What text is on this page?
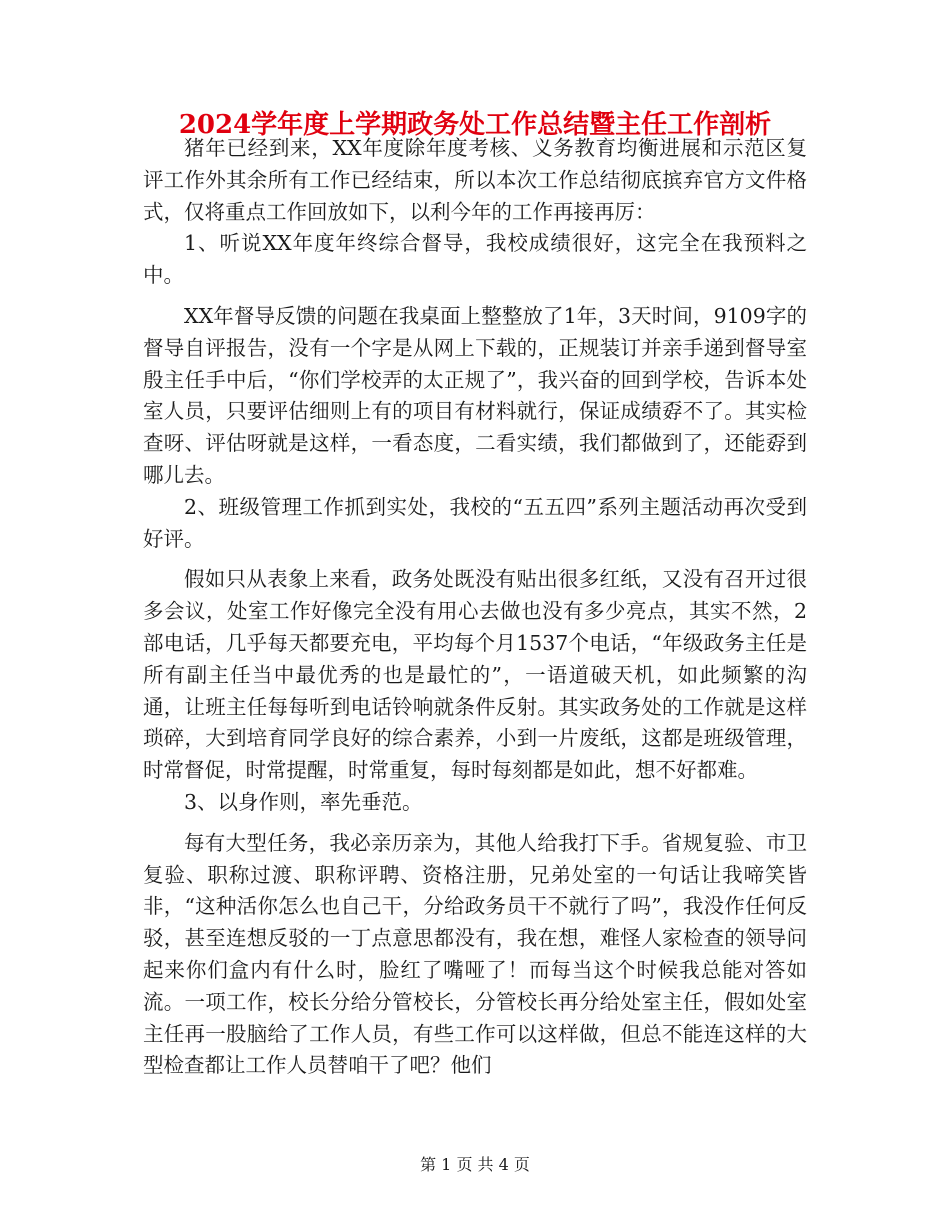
2024学年度上学期政务处工作总结暨主任工作剖析

猪年已经到来，XX年度除年度考核、义务教育均衡进展和示范区复评工作外其余所有工作已经结束，所以本次工作总结彻底摈弃官方文件格式，仅将重点工作回放如下，以利今年的工作再接再厉：

1、听说XX年度年终综合督导，我校成绩很好，这完全在我预料之中。

XX年督导反馈的问题在我桌面上整整放了1年，3天时间，9109字的督导自评报告，没有一个字是从网上下载的，正规装订并亲手递到督导室殷主任手中后，“你们学校弄的太正规了”，我兴奋的回到学校，告诉本处室人员，只要评估细则上有的项目有材料就行，保证成绩孬不了。其实检查呀、评估呀就是这样，一看态度，二看实绩，我们都做到了，还能孬到哪儿去。

2、班级管理工作抓到实处，我校的“五五四”系列主题活动再次受到好评。

假如只从表象上来看，政务处既没有贴出很多红纸，又没有召开过很多会议，处室工作好像完全没有用心去做也没有多少亮点，其实不然，2部电话，几乎每天都要充电，平均每个月1537个电话，“年级政务主任是所有副主任当中最优秀的也是最忙的”，一语道破天机，如此频繁的沟通，让班主任每每听到电话铃响就条件反射。其实政务处的工作就是这样琐碎，大到培育同学良好的综合素养，小到一片废纸，这都是班级管理，时常督促，时常提醒，时常重复，每时每刻都是如此，想不好都难。

3、以身作则，率先垂范。

每有大型任务，我必亲历亲为，其他人给我打下手。省规复验、市卫复验、职称过渡、职称评聘、资格注册，兄弟处室的一句话让我啼笑皆非，“这种活你怎么也自己干，分给政务员干不就行了吗”，我没作任何反驳，甚至连想反驳的一丁点意思都没有，我在想，难怪人家检查的领导问起来你们盒内有什么时，脸红了嘴哑了！而每当这个时候我总能对答如流。一项工作，校长分给分管校长，分管校长再分给处室主任，假如处室主任再一股脑给了工作人员，有些工作可以这样做，但总不能连这样的大型检查都让工作人员替咱干了吧？他们

第 1 页 共 4 页
